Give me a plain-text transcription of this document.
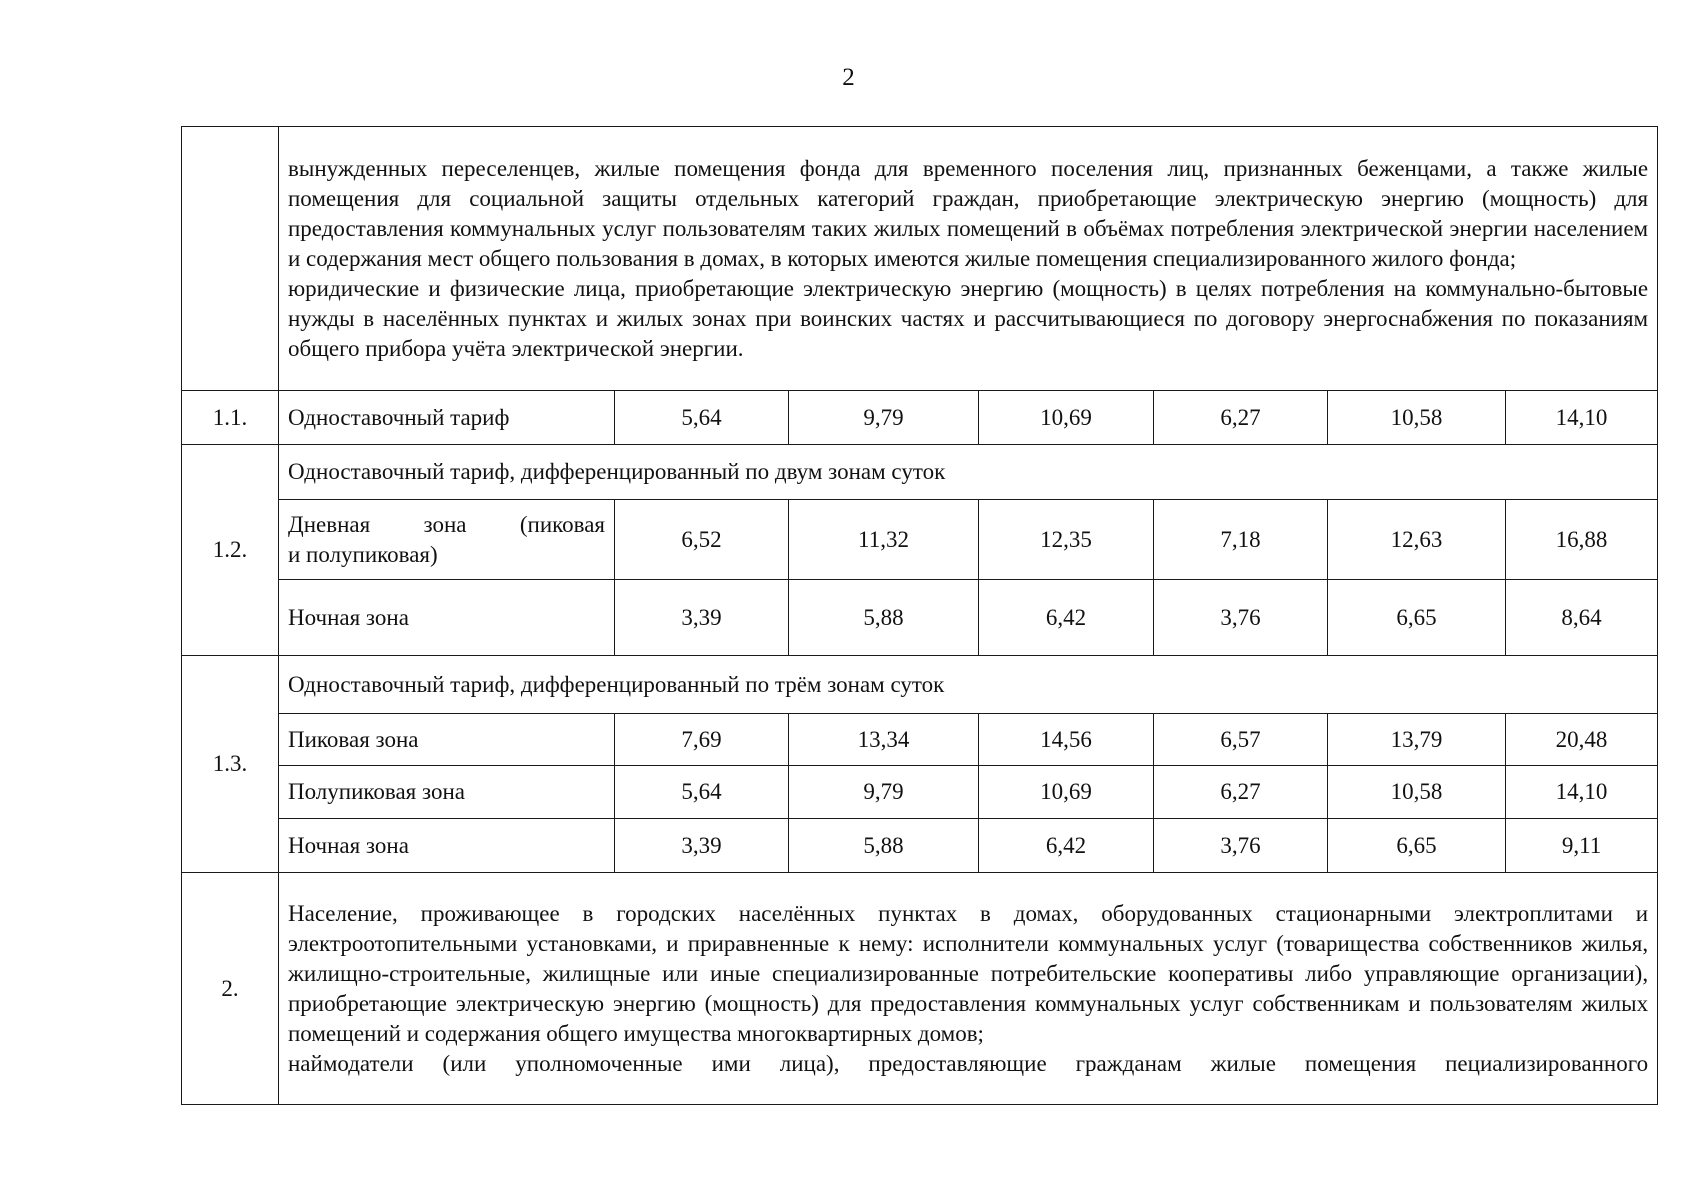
2

	вынужденных переселенцев, жилые помещения фонда для временного поселения лиц, признанных беженцами, а также жилые помещения для социальной защиты отдельных категорий граждан, приобретающие электрическую энергию (мощность) для предоставления коммунальных услуг пользователям таких жилых помещений в объёмах потребления электрической энергии населением и содержания мест общего пользования в домах, в которых имеются жилые помещения специализированного жилого фонда;

юридические и физические лица, приобретающие электрическую энергию (мощность) в целях потребления на коммунально-бытовые нужды в населённых пунктах и жилых зонах при воинских частях и рассчитывающиеся по договору энергоснабжения по показаниям общего прибора учёта электрической энергии.						

1.1.	Одноставочный тариф	5,64	9,79	10,69	6,27	10,58	14,10
1.2.	Одноставочный тариф, дифференцированный по двум зонам суток						

	Дневная зона (пиковая
и полупиковая)	6,52	11,32	12,35	7,18	12,63	16,88
	Ночная зона	3,39	5,88	6,42	3,76	6,65	8,64
1.3.	Одноставочный тариф, дифференцированный по трём зонам суток						
	Пиковая зона	7,69	13,34	14,56	6,57	13,79	20,48
	Полупиковая зона	5,64	9,79	10,69	6,27	10,58	14,10
	Ночная зона	3,39	5,88	6,42	3,76	6,65	9,11
2.	Население, проживающее в городских населённых пунктах в домах, оборудованных стационарными электроплитами и электроотопительными установками, и приравненные к нему: исполнители коммунальных услуг (товарищества собственников жилья, жилищно-строительные, жилищные или иные специализированные потребительские кооперативы либо управляющие организации), приобретающие электрическую энергию (мощность) для предоставления коммунальных услуг собственникам и пользователям жилых помещений и содержания общего имущества многоквартирных домов;

наймодатели (или уполномоченные ими лица), предоставляющие гражданам жилые помещения пециализированного						
